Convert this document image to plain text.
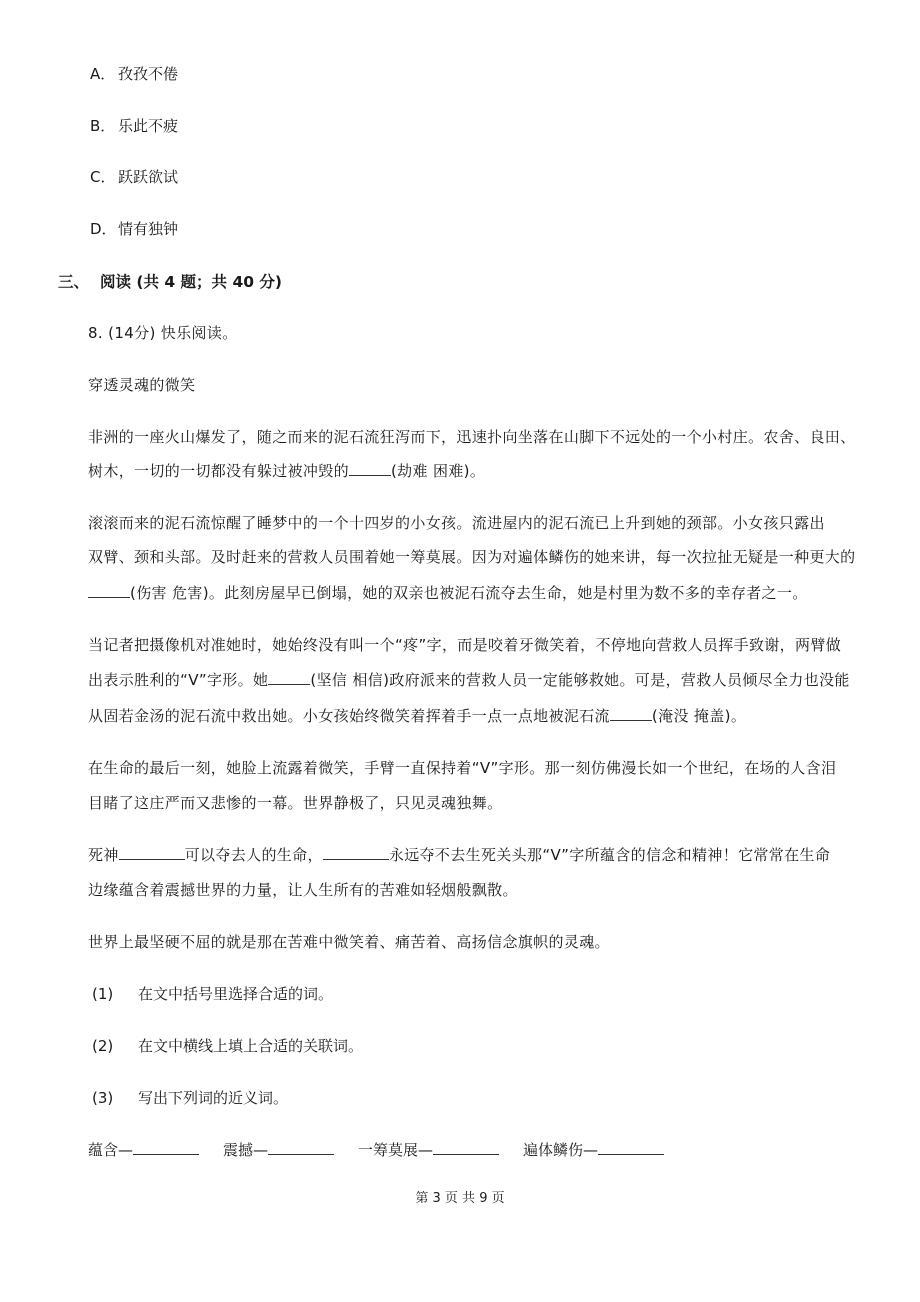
A． 孜孜不倦
B． 乐此不疲
C． 跃跃欲试
D．情有独钟
三、 阅读 (共 4 题；共 40 分)
8. (14分) 快乐阅读。
穿透灵魂的微笑
非洲的一座火山爆发了，随之而来的泥石流狂泻而下，迅速扑向坐落在山脚下不远处的一个小村庄。农舍、良田、
树木，一切的一切都没有躲过被冲毁的	(劫难 困难)。
滚滚而来的泥石流惊醒了睡梦中的一个十四岁的小女孩。流进屋内的泥石流已上升到她的颈部。小女孩只露出
双臂、颈和头部。及时赶来的营救人员围着她一筹莫展。因为对遍体鳞伤的她来讲，每一次拉扯无疑是一种更大的
(伤害 危害)。此刻房屋早已倒塌，她的双亲也被泥石流夺去生命，她是村里为数不多的幸存者之一。
当记者把摄像机对准她时，她始终没有叫一个“疼”字，而是咬着牙微笑着，不停地向营救人员挥手致谢，两臂做
出表示胜利的“V”字形。她	(坚信 相信)政府派来的营救人员一定能够救她。可是，营救人员倾尽全力也没能
从固若金汤的泥石流中救出她。小女孩始终微笑着挥着手一点一点地被泥石流	(淹没 掩盖)。
在生命的最后一刻，她脸上流露着微笑，手臂一直保持着“V”字形。那一刻仿佛漫长如一个世纪，在场的人含泪
目睹了这庄严而又悲惨的一幕。世界静极了，只见灵魂独舞。
死神	可以夺去人的生命，	永远夺不去生死关头那“V”字所蕴含的信念和精神！它常常在生命
边缘蕴含着震撼世界的力量，让人生所有的苦难如轻烟般飘散。
世界上最坚硬不屈的就是那在苦难中微笑着、痛苦着、高扬信念旗帜的灵魂。
(1) 在文中括号里选择合适的词。
(2) 在文中横线上填上合适的关联词。
(3) 写出下列词的近义词。
蕴含—	震撼—	一筹莫展—	遍体鳞伤—
第 3 页 共 9 页
